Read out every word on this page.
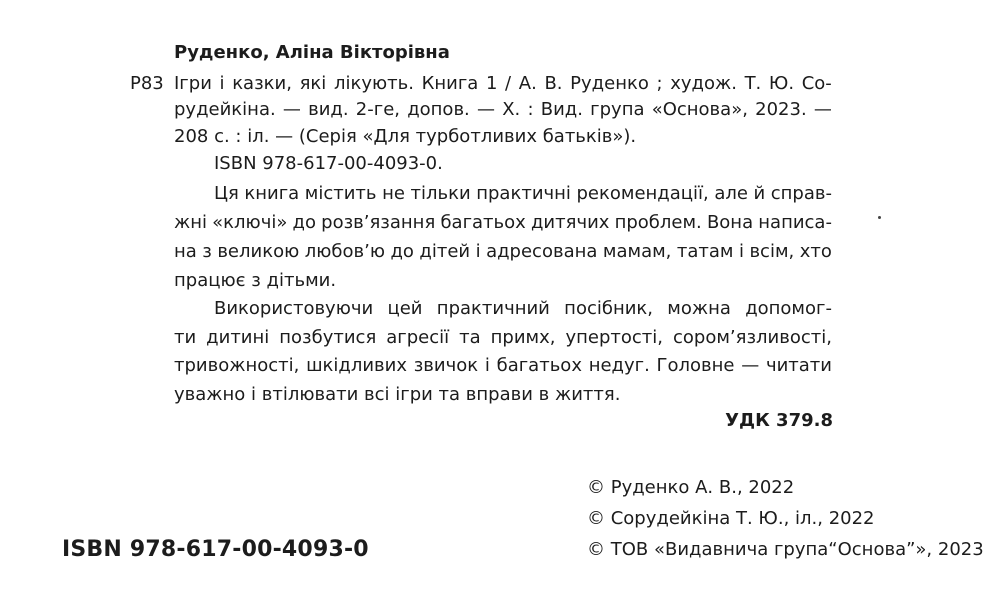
Руденко, Аліна Вікторівна
Р83 Ігри і казки, які лікують. Книга 1 / А. В. Руденко ; худож. Т. Ю. Со-
рудейкіна. — вид. 2-ге, допов. — Х. : Вид. група «Основа», 2023. —
208 с. : іл. — (Серія «Для турботливих батьків»).
ISBN 978-617-00-4093-0.
Ця книга містить не тільки практичні рекомендації, але й справ-
жні «ключі» до розв’язання багатьох дитячих проблем. Вона написа-
на з великою любов’ю до дітей і адресована мамам, татам і всім, хто
працює з дітьми.
Використовуючи цей практичний посібник, можна допомог-
ти дитині позбутися агресії та примх, упертості, сором’язливості,
тривожності, шкідливих звичок і багатьох недуг. Головне — читати
уважно і втілювати всі ігри та вправи в життя.
УДК 379.8
© Руденко А. В., 2022
© Сорудейкіна Т. Ю., іл., 2022
© ТОВ «Видавнича група“Основа”», 2023
ISBN 978-617-00-4093-0
